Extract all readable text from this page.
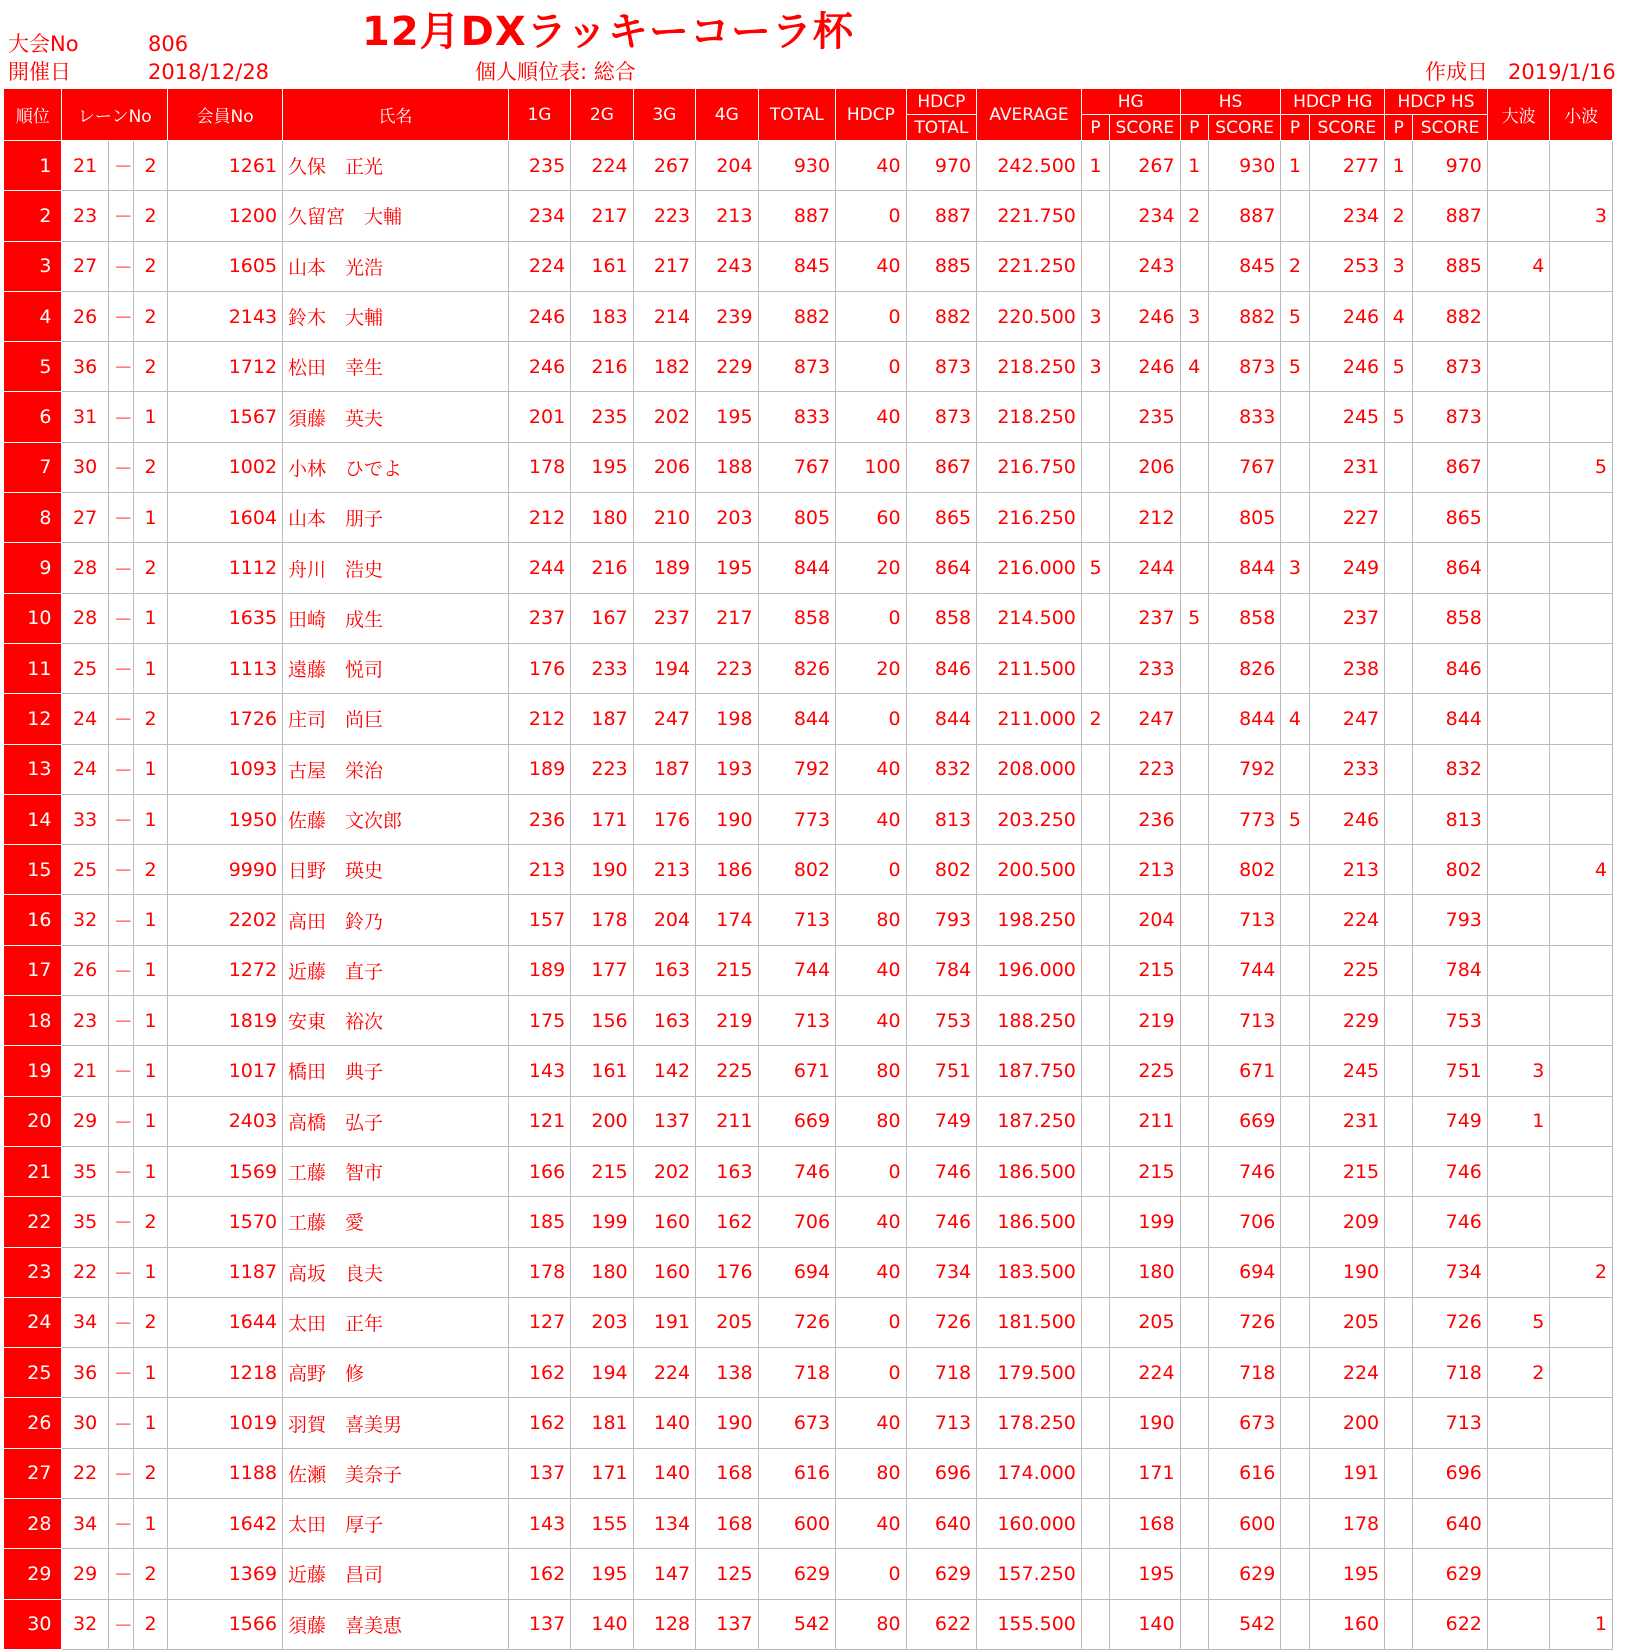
大会No	806
開催日	2018/12/28
12月DXラッキーコーラ杯
個人順位表: 総合	作成日 2019/1/16
順位	レーンNo			会員No	氏名	1G	2G	3G	4G	TOTAL	HDCP	HDCP	AVERAGE	HG		HS		HDCP HG		HDCP HS		大波	小波
												TOTAL		P	SCORE	P	SCORE	P	SCORE	P	SCORE		
1	21	－	2	1261	久保　正光	235	224	267	204	930	40	970	242.500	1	267	1	930	1	277	1	970		
2	23	－	2	1200	久留宮　大輔	234	217	223	213	887	0	887	221.750		234	2	887		234	2	887		3
3	27	－	2	1605	山本　光浩	224	161	217	243	845	40	885	221.250		243		845	2	253	3	885	4	
4	26	－	2	2143	鈴木　大輔	246	183	214	239	882	0	882	220.500	3	246	3	882	5	246	4	882		
5	36	－	2	1712	松田　幸生	246	216	182	229	873	0	873	218.250	3	246	4	873	5	246	5	873		
6	31	－	1	1567	須藤　英夫	201	235	202	195	833	40	873	218.250		235		833		245	5	873		
7	30	－	2	1002	小林　ひでよ	178	195	206	188	767	100	867	216.750		206		767		231		867		5
8	27	－	1	1604	山本　朋子	212	180	210	203	805	60	865	216.250		212		805		227		865		
9	28	－	2	1112	舟川　浩史	244	216	189	195	844	20	864	216.000	5	244		844	3	249		864		
10	28	－	1	1635	田崎　成生	237	167	237	217	858	0	858	214.500		237	5	858		237		858		
11	25	－	1	1113	遠藤　悦司	176	233	194	223	826	20	846	211.500		233		826		238		846		
12	24	－	2	1726	庄司　尚巨	212	187	247	198	844	0	844	211.000	2	247		844	4	247		844		
13	24	－	1	1093	古屋　栄治	189	223	187	193	792	40	832	208.000		223		792		233		832		
14	33	－	1	1950	佐藤　文次郎	236	171	176	190	773	40	813	203.250		236		773	5	246		813		
15	25	－	2	9990	日野　瑛史	213	190	213	186	802	0	802	200.500		213		802		213		802		4
16	32	－	1	2202	高田　鈴乃	157	178	204	174	713	80	793	198.250		204		713		224		793		
17	26	－	1	1272	近藤　直子	189	177	163	215	744	40	784	196.000		215		744		225		784		
18	23	－	1	1819	安東　裕次	175	156	163	219	713	40	753	188.250		219		713		229		753		
19	21	－	1	1017	橋田　典子	143	161	142	225	671	80	751	187.750		225		671		245		751	3	
20	29	－	1	2403	高橋　弘子	121	200	137	211	669	80	749	187.250		211		669		231		749	1	
21	35	－	1	1569	工藤　智市	166	215	202	163	746	0	746	186.500		215		746		215		746		
22	35	－	2	1570	工藤　愛	185	199	160	162	706	40	746	186.500		199		706		209		746		
23	22	－	1	1187	高坂　良夫	178	180	160	176	694	40	734	183.500		180		694		190		734		2
24	34	－	2	1644	太田　正年	127	203	191	205	726	0	726	181.500		205		726		205		726	5	
25	36	－	1	1218	高野　修	162	194	224	138	718	0	718	179.500		224		718		224		718	2	
26	30	－	1	1019	羽賀　喜美男	162	181	140	190	673	40	713	178.250		190		673		200		713		
27	22	－	2	1188	佐瀬　美奈子	137	171	140	168	616	80	696	174.000		171		616		191		696		
28	34	－	1	1642	太田　厚子	143	155	134	168	600	40	640	160.000		168		600		178		640		
29	29	－	2	1369	近藤　昌司	162	195	147	125	629	0	629	157.250		195		629		195		629		
30	32	－	2	1566	須藤　喜美恵	137	140	128	137	542	80	622	155.500		140		542		160		622		1
